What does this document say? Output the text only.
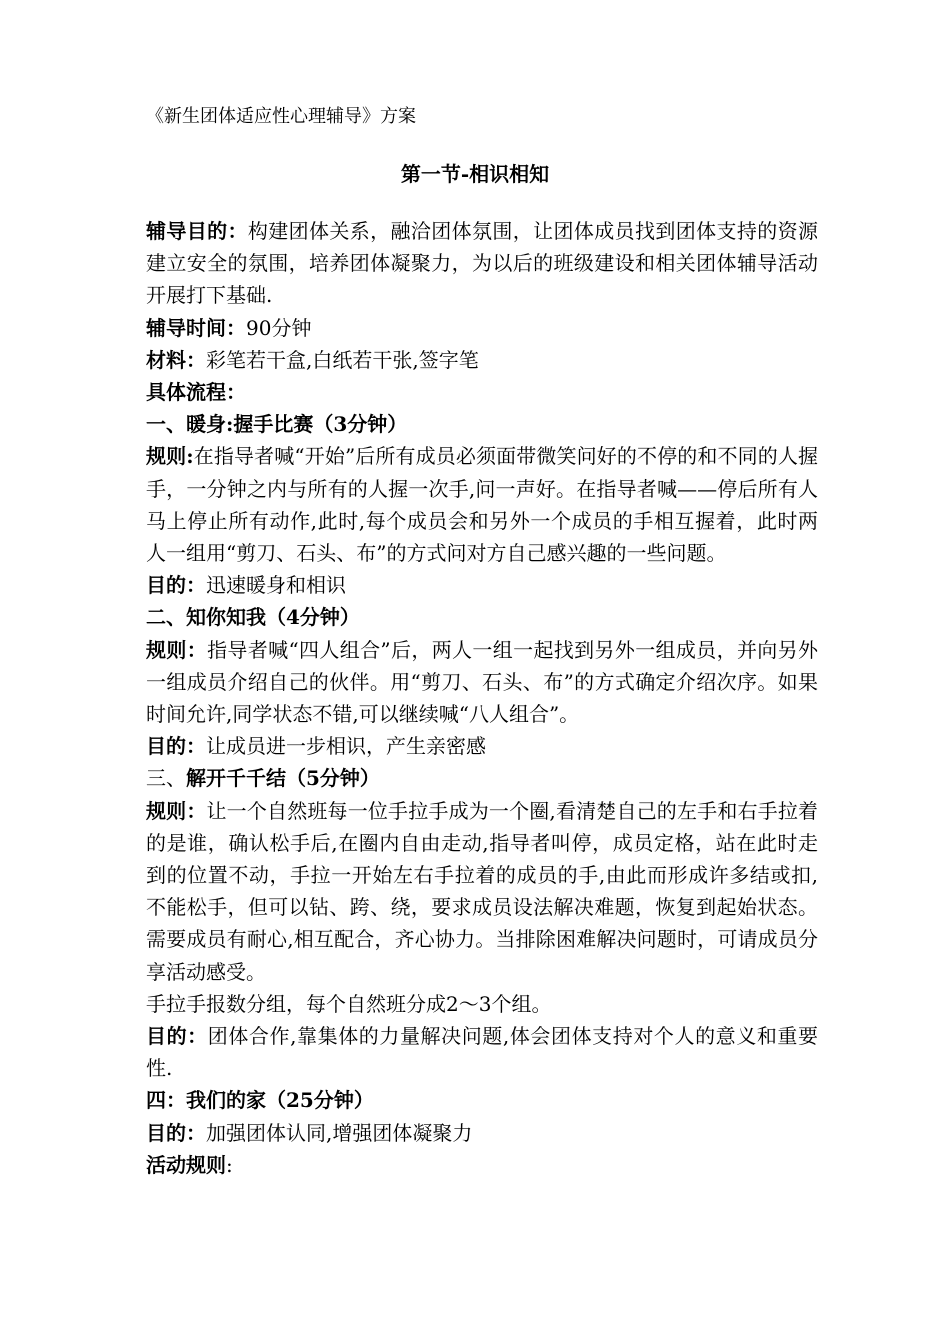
《新生团体适应性心理辅导》方案
第一节-相识相知

辅导目的：构建团体关系，融洽团体氛围，让团体成员找到团体支持的资源建立安全的氛围，培养团体凝聚力，为以后的班级建设和相关团体辅导活动开展打下基础.

辅导时间：90分钟

材料：彩笔若干盒,白纸若干张,签字笔

具体流程：

一、暖身:握手比赛（3分钟）

规则:在指导者喊“开始”后所有成员必须面带微笑问好的不停的和不同的人握手，一分钟之内与所有的人握一次手,问一声好。在指导者喊——停后所有人马上停止所有动作,此时,每个成员会和另外一个成员的手相互握着，此时两人一组用“剪刀、石头、布”的方式问对方自己感兴趣的一些问题。

目的：迅速暖身和相识

二、知你知我（4分钟）

规则：指导者喊“四人组合”后，两人一组一起找到另外一组成员，并向另外一组成员介绍自己的伙伴。用“剪刀、石头、布”的方式确定介绍次序。如果时间允许,同学状态不错,可以继续喊“八人组合”。

目的：让成员进一步相识，产生亲密感

三、解开千千结（5分钟）

规则：让一个自然班每一位手拉手成为一个圈,看清楚自己的左手和右手拉着的是谁，确认松手后,在圈内自由走动,指导者叫停，成员定格，站在此时走到的位置不动，手拉一开始左右手拉着的成员的手,由此而形成许多结或扣,不能松手，但可以钻、跨、绕，要求成员设法解决难题，恢复到起始状态。需要成员有耐心,相互配合，齐心协力。当排除困难解决问题时，可请成员分享活动感受。

手拉手报数分组，每个自然班分成2～3个组。

目的：团体合作,靠集体的力量解决问题,体会团体支持对个人的意义和重要性.

四：我们的家（25分钟）

目的：加强团体认同,增强团体凝聚力

活动规则:
